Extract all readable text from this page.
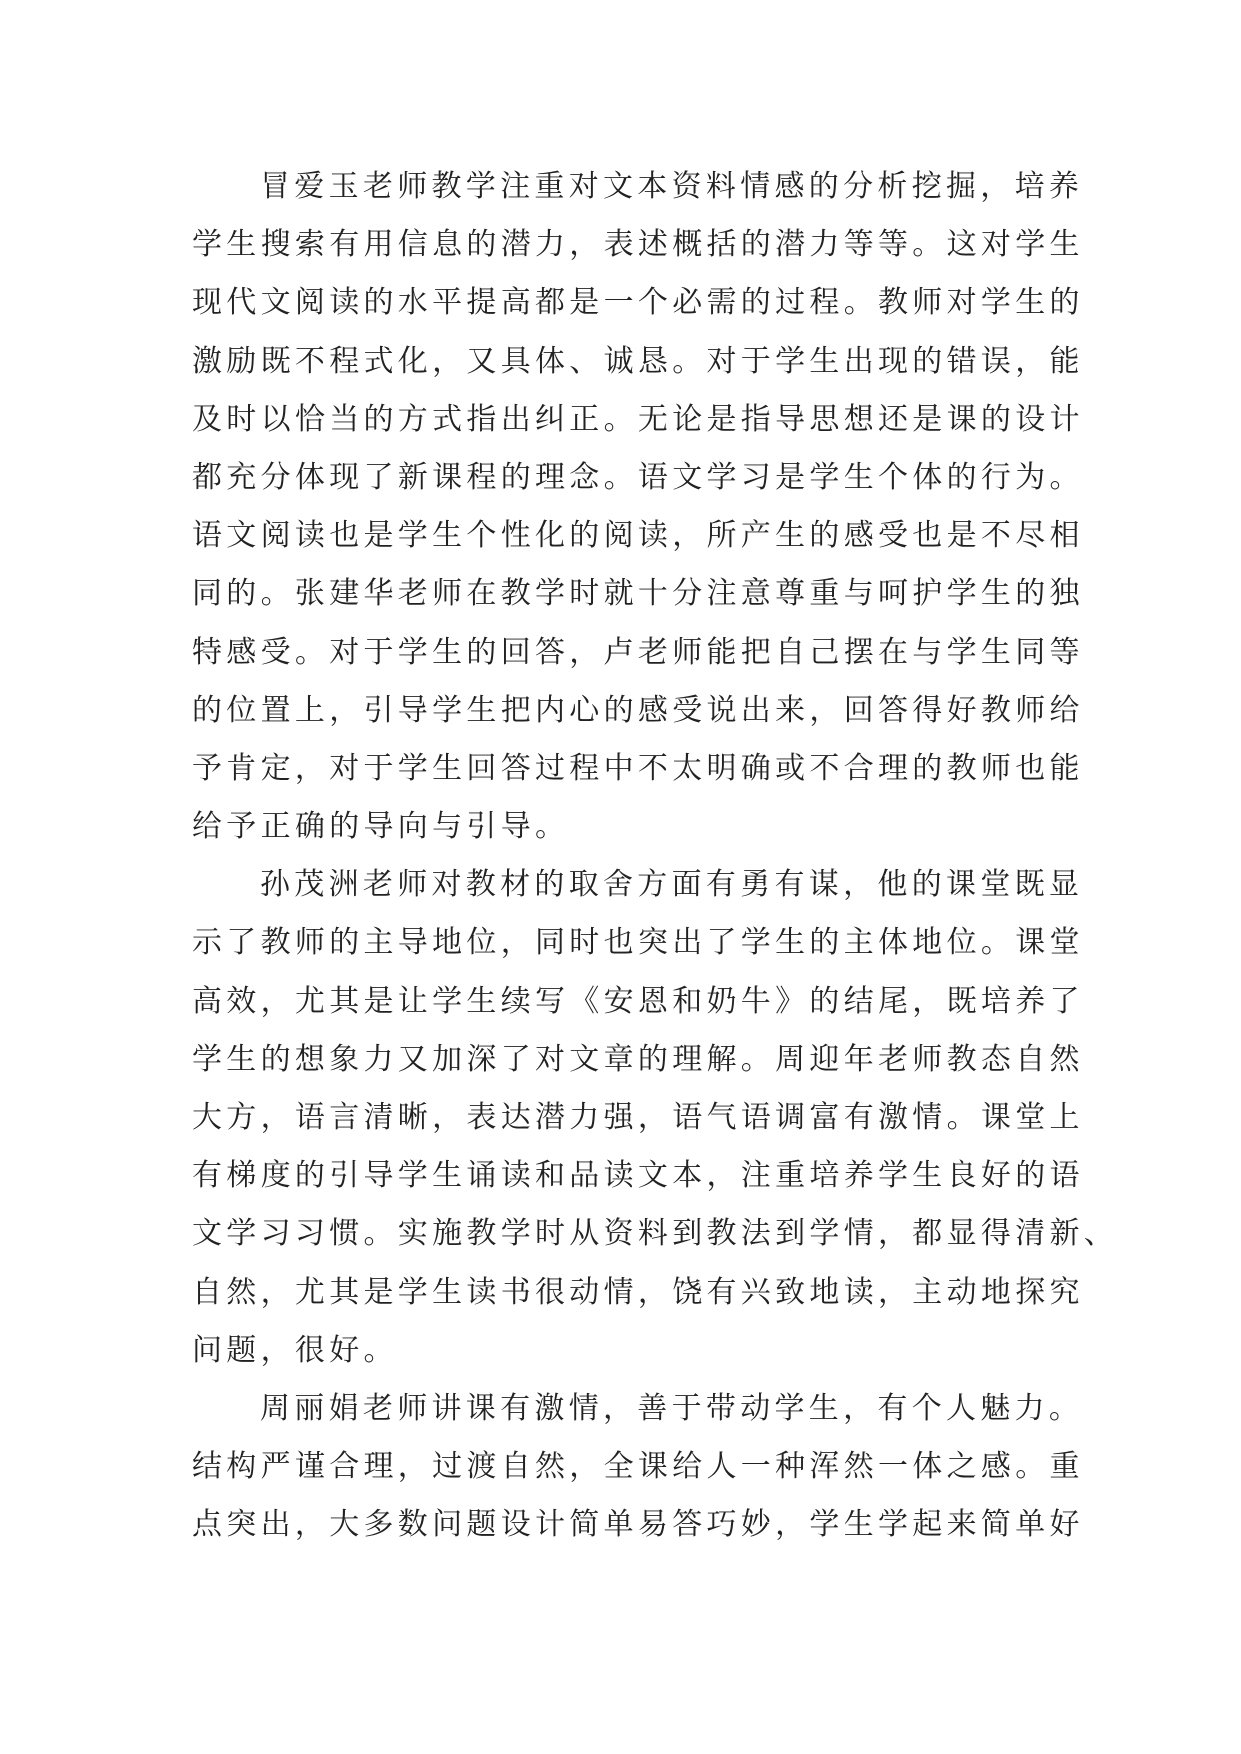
冒爱玉老师教学注重对文本资料情感的分析挖掘，培养
学生搜索有用信息的潜力，表述概括的潜力等等。这对学生
现代文阅读的水平提高都是一个必需的过程。教师对学生的
激励既不程式化，又具体、诚恳。对于学生出现的错误，能
及时以恰当的方式指出纠正。无论是指导思想还是课的设计
都充分体现了新课程的理念。语文学习是学生个体的行为。
语文阅读也是学生个性化的阅读，所产生的感受也是不尽相
同的。张建华老师在教学时就十分注意尊重与呵护学生的独
特感受。对于学生的回答，卢老师能把自己摆在与学生同等
的位置上，引导学生把内心的感受说出来，回答得好教师给
予肯定，对于学生回答过程中不太明确或不合理的教师也能
给予正确的导向与引导。
孙茂洲老师对教材的取舍方面有勇有谋，他的课堂既显
示了教师的主导地位，同时也突出了学生的主体地位。课堂
高效，尤其是让学生续写《安恩和奶牛》的结尾，既培养了
学生的想象力又加深了对文章的理解。周迎年老师教态自然
大方，语言清晰，表达潜力强，语气语调富有激情。课堂上
有梯度的引导学生诵读和品读文本，注重培养学生良好的语
文学习习惯。实施教学时从资料到教法到学情，都显得清新、
自然，尤其是学生读书很动情，饶有兴致地读，主动地探究
问题，很好。
周丽娟老师讲课有激情，善于带动学生，有个人魅力。
结构严谨合理，过渡自然，全课给人一种浑然一体之感。重
点突出，大多数问题设计简单易答巧妙，学生学起来简单好
